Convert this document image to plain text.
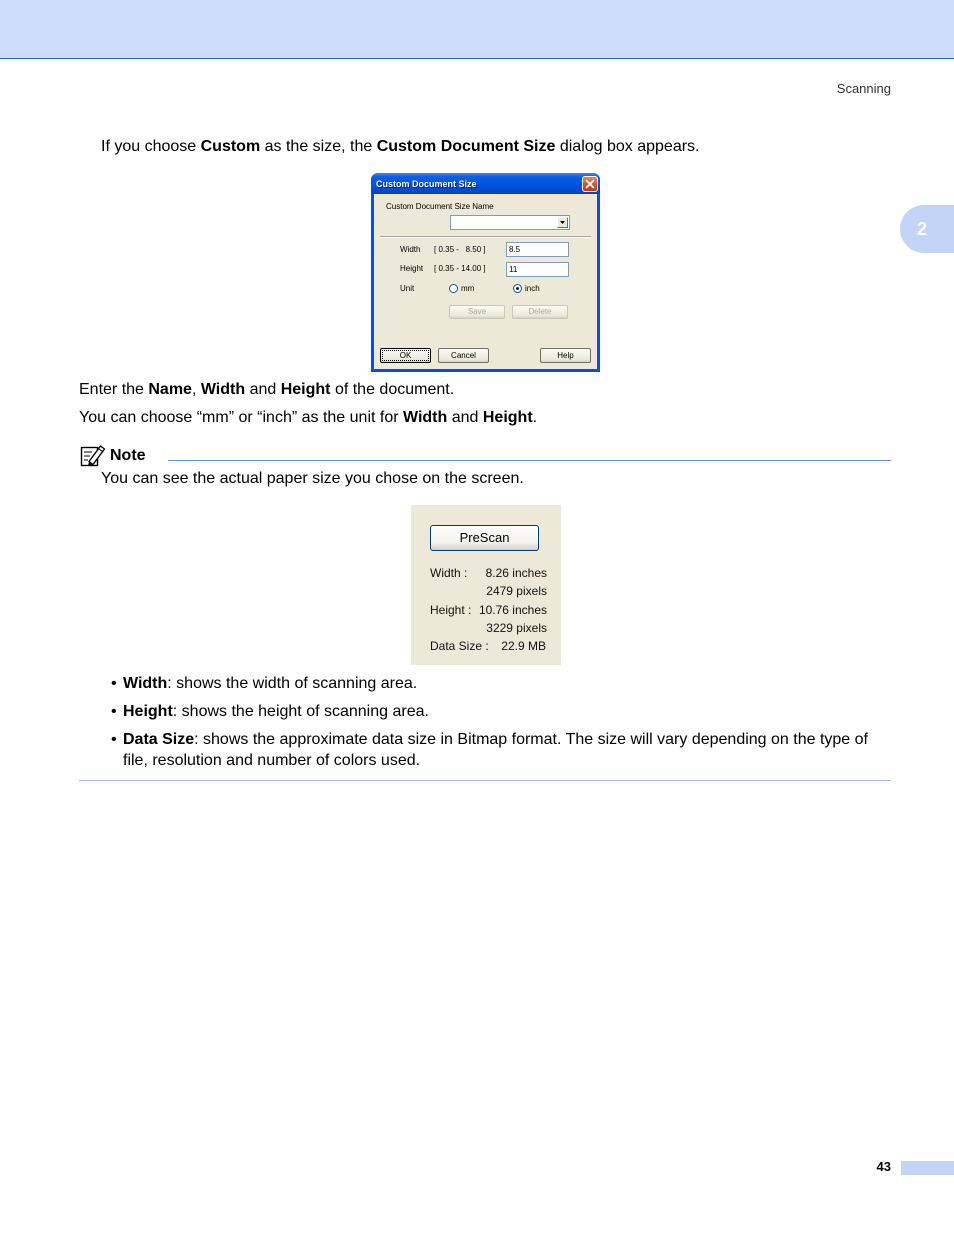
Scanning
2
If you choose Custom as the size, the Custom Document Size dialog box appears.
Custom Document Size
Custom Document Size Name
Width [ 0.35 -   8.50 ]	8.5
Height [ 0.35 - 14.00 ]	11
Unit	mm	inch
Save	Delete
OK	Cancel	Help
Enter the Name, Width and Height of the document.
You can choose “mm” or “inch” as the unit for Width and Height.
Note
You can see the actual paper size you chose on the screen.
PreScan
Width : 8.26 inches
2479 pixels
Height : 10.76 inches
3229 pixels
Data Size : 22.9 MB
• Width: shows the width of scanning area.
• Height: shows the height of scanning area.
• Data Size: shows the approximate data size in Bitmap format. The size will vary depending on the type of file, resolution and number of colors used.
43
